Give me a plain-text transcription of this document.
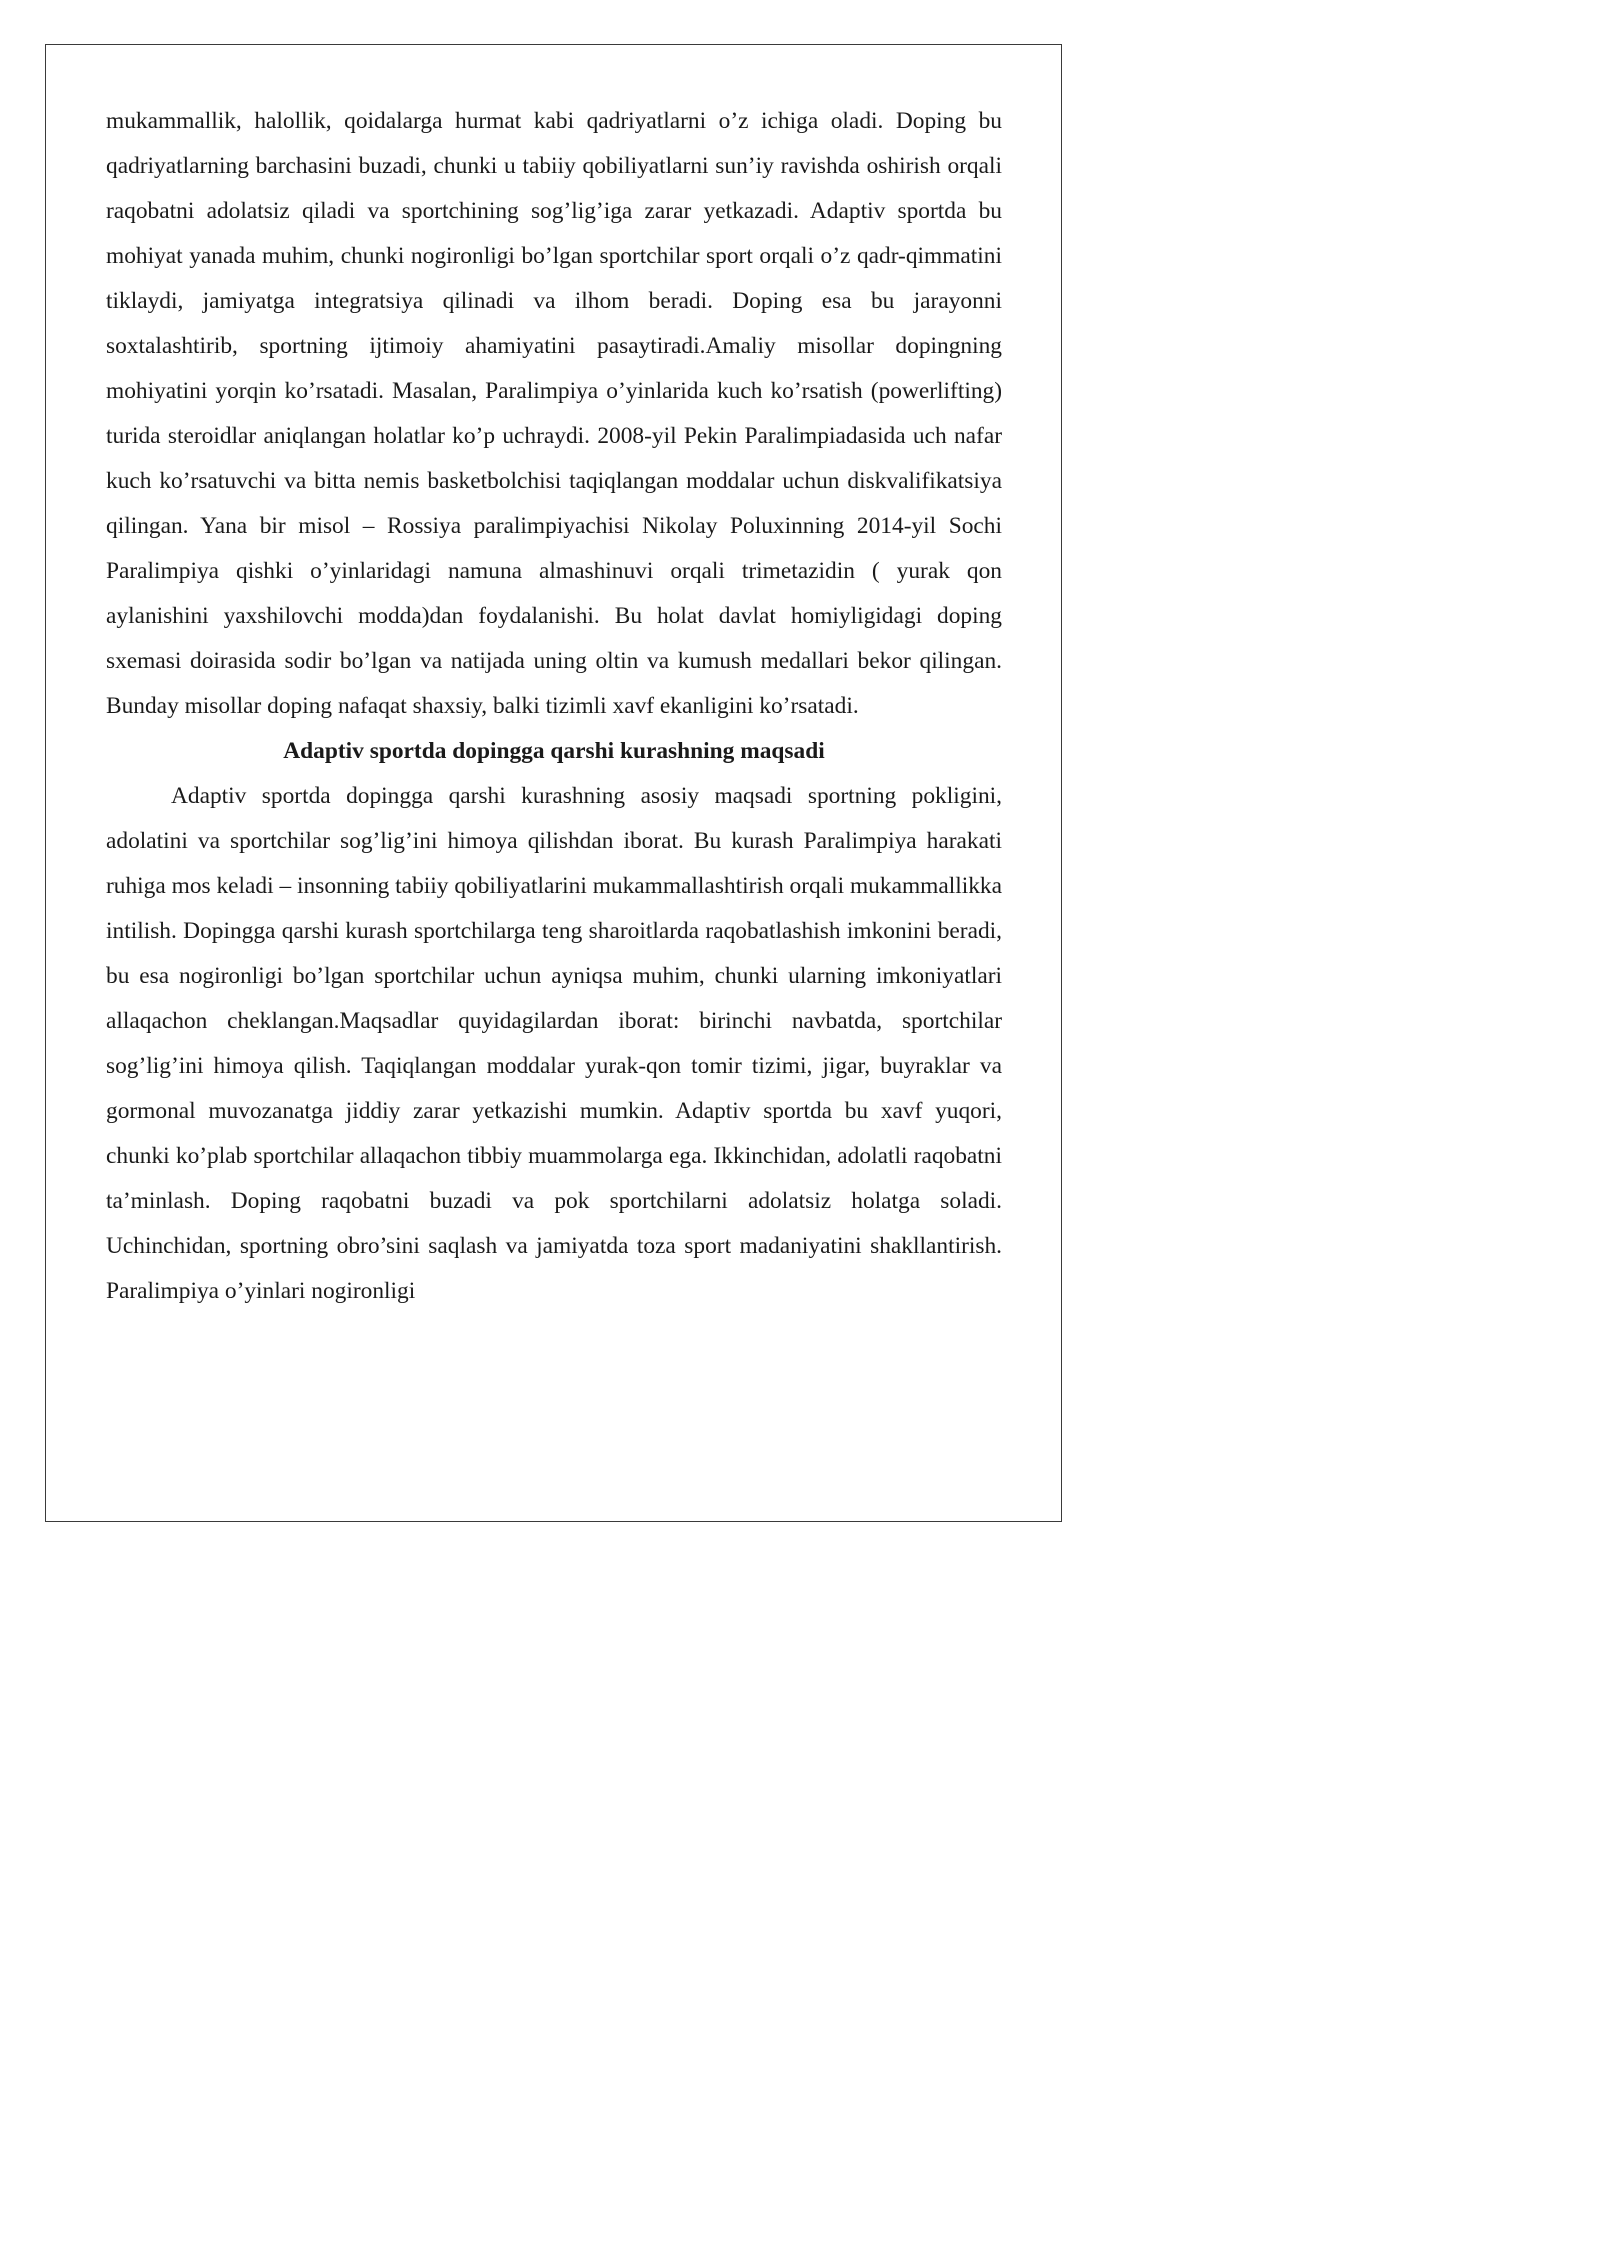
mukammallik, halollik, qoidalarga hurmat kabi qadriyatlarni o’z ichiga oladi. Doping bu qadriyatlarning barchasini buzadi, chunki u tabiiy qobiliyatlarni sun’iy ravishda oshirish orqali raqobatni adolatsiz qiladi va sportchining sog’lig’iga zarar yetkazadi. Adaptiv sportda bu mohiyat yanada muhim, chunki nogironligi bo’lgan sportchilar sport orqali o’z qadr-qimmatini tiklaydi, jamiyatga integratsiya qilinadi va ilhom beradi. Doping esa bu jarayonni soxtalashtirib, sportning ijtimoiy ahamiyatini pasaytiradi.Amaliy misollar dopingning mohiyatini yorqin ko’rsatadi. Masalan, Paralimpiya o’yinlarida kuch ko’rsatish (powerlifting) turida steroidlar aniqlangan holatlar ko’p uchraydi. 2008-yil Pekin Paralimpiadasida uch nafar kuch ko’rsatuvchi va bitta nemis basketbolchisi taqiqlangan moddalar uchun diskvalifikatsiya qilingan. Yana bir misol – Rossiya paralimpiyachisi Nikolay Poluxinning 2014-yil Sochi Paralimpiya qishki o’yinlaridagi namuna almashinuvi orqali trimetazidin ( yurak qon aylanishini yaxshilovchi modda)dan foydalanishi. Bu holat davlat homiyligidagi doping sxemasi doirasida sodir bo’lgan va natijada uning oltin va kumush medallari bekor qilingan. Bunday misollar doping nafaqat shaxsiy, balki tizimli xavf ekanligini ko’rsatadi.

Adaptiv sportda dopingga qarshi kurashning maqsadi

Adaptiv sportda dopingga qarshi kurashning asosiy maqsadi sportning pokligini, adolatini va sportchilar sog’lig’ini himoya qilishdan iborat. Bu kurash Paralimpiya harakati ruhiga mos keladi – insonning tabiiy qobiliyatlarini mukammallashtirish orqali mukammallikka intilish. Dopingga qarshi kurash sportchilarga teng sharoitlarda raqobatlashish imkonini beradi, bu esa nogironligi bo’lgan sportchilar uchun ayniqsa muhim, chunki ularning imkoniyatlari allaqachon cheklangan.Maqsadlar quyidagilardan iborat: birinchi navbatda, sportchilar sog’lig’ini himoya qilish. Taqiqlangan moddalar yurak-qon tomir tizimi, jigar, buyraklar va gormonal muvozanatga jiddiy zarar yetkazishi mumkin. Adaptiv sportda bu xavf yuqori, chunki ko’plab sportchilar allaqachon tibbiy muammolarga ega. Ikkinchidan, adolatli raqobatni ta’minlash. Doping raqobatni buzadi va pok sportchilarni adolatsiz holatga soladi. Uchinchidan, sportning obro’sini saqlash va jamiyatda toza sport madaniyatini shakllantirish. Paralimpiya o’yinlari nogironligi
